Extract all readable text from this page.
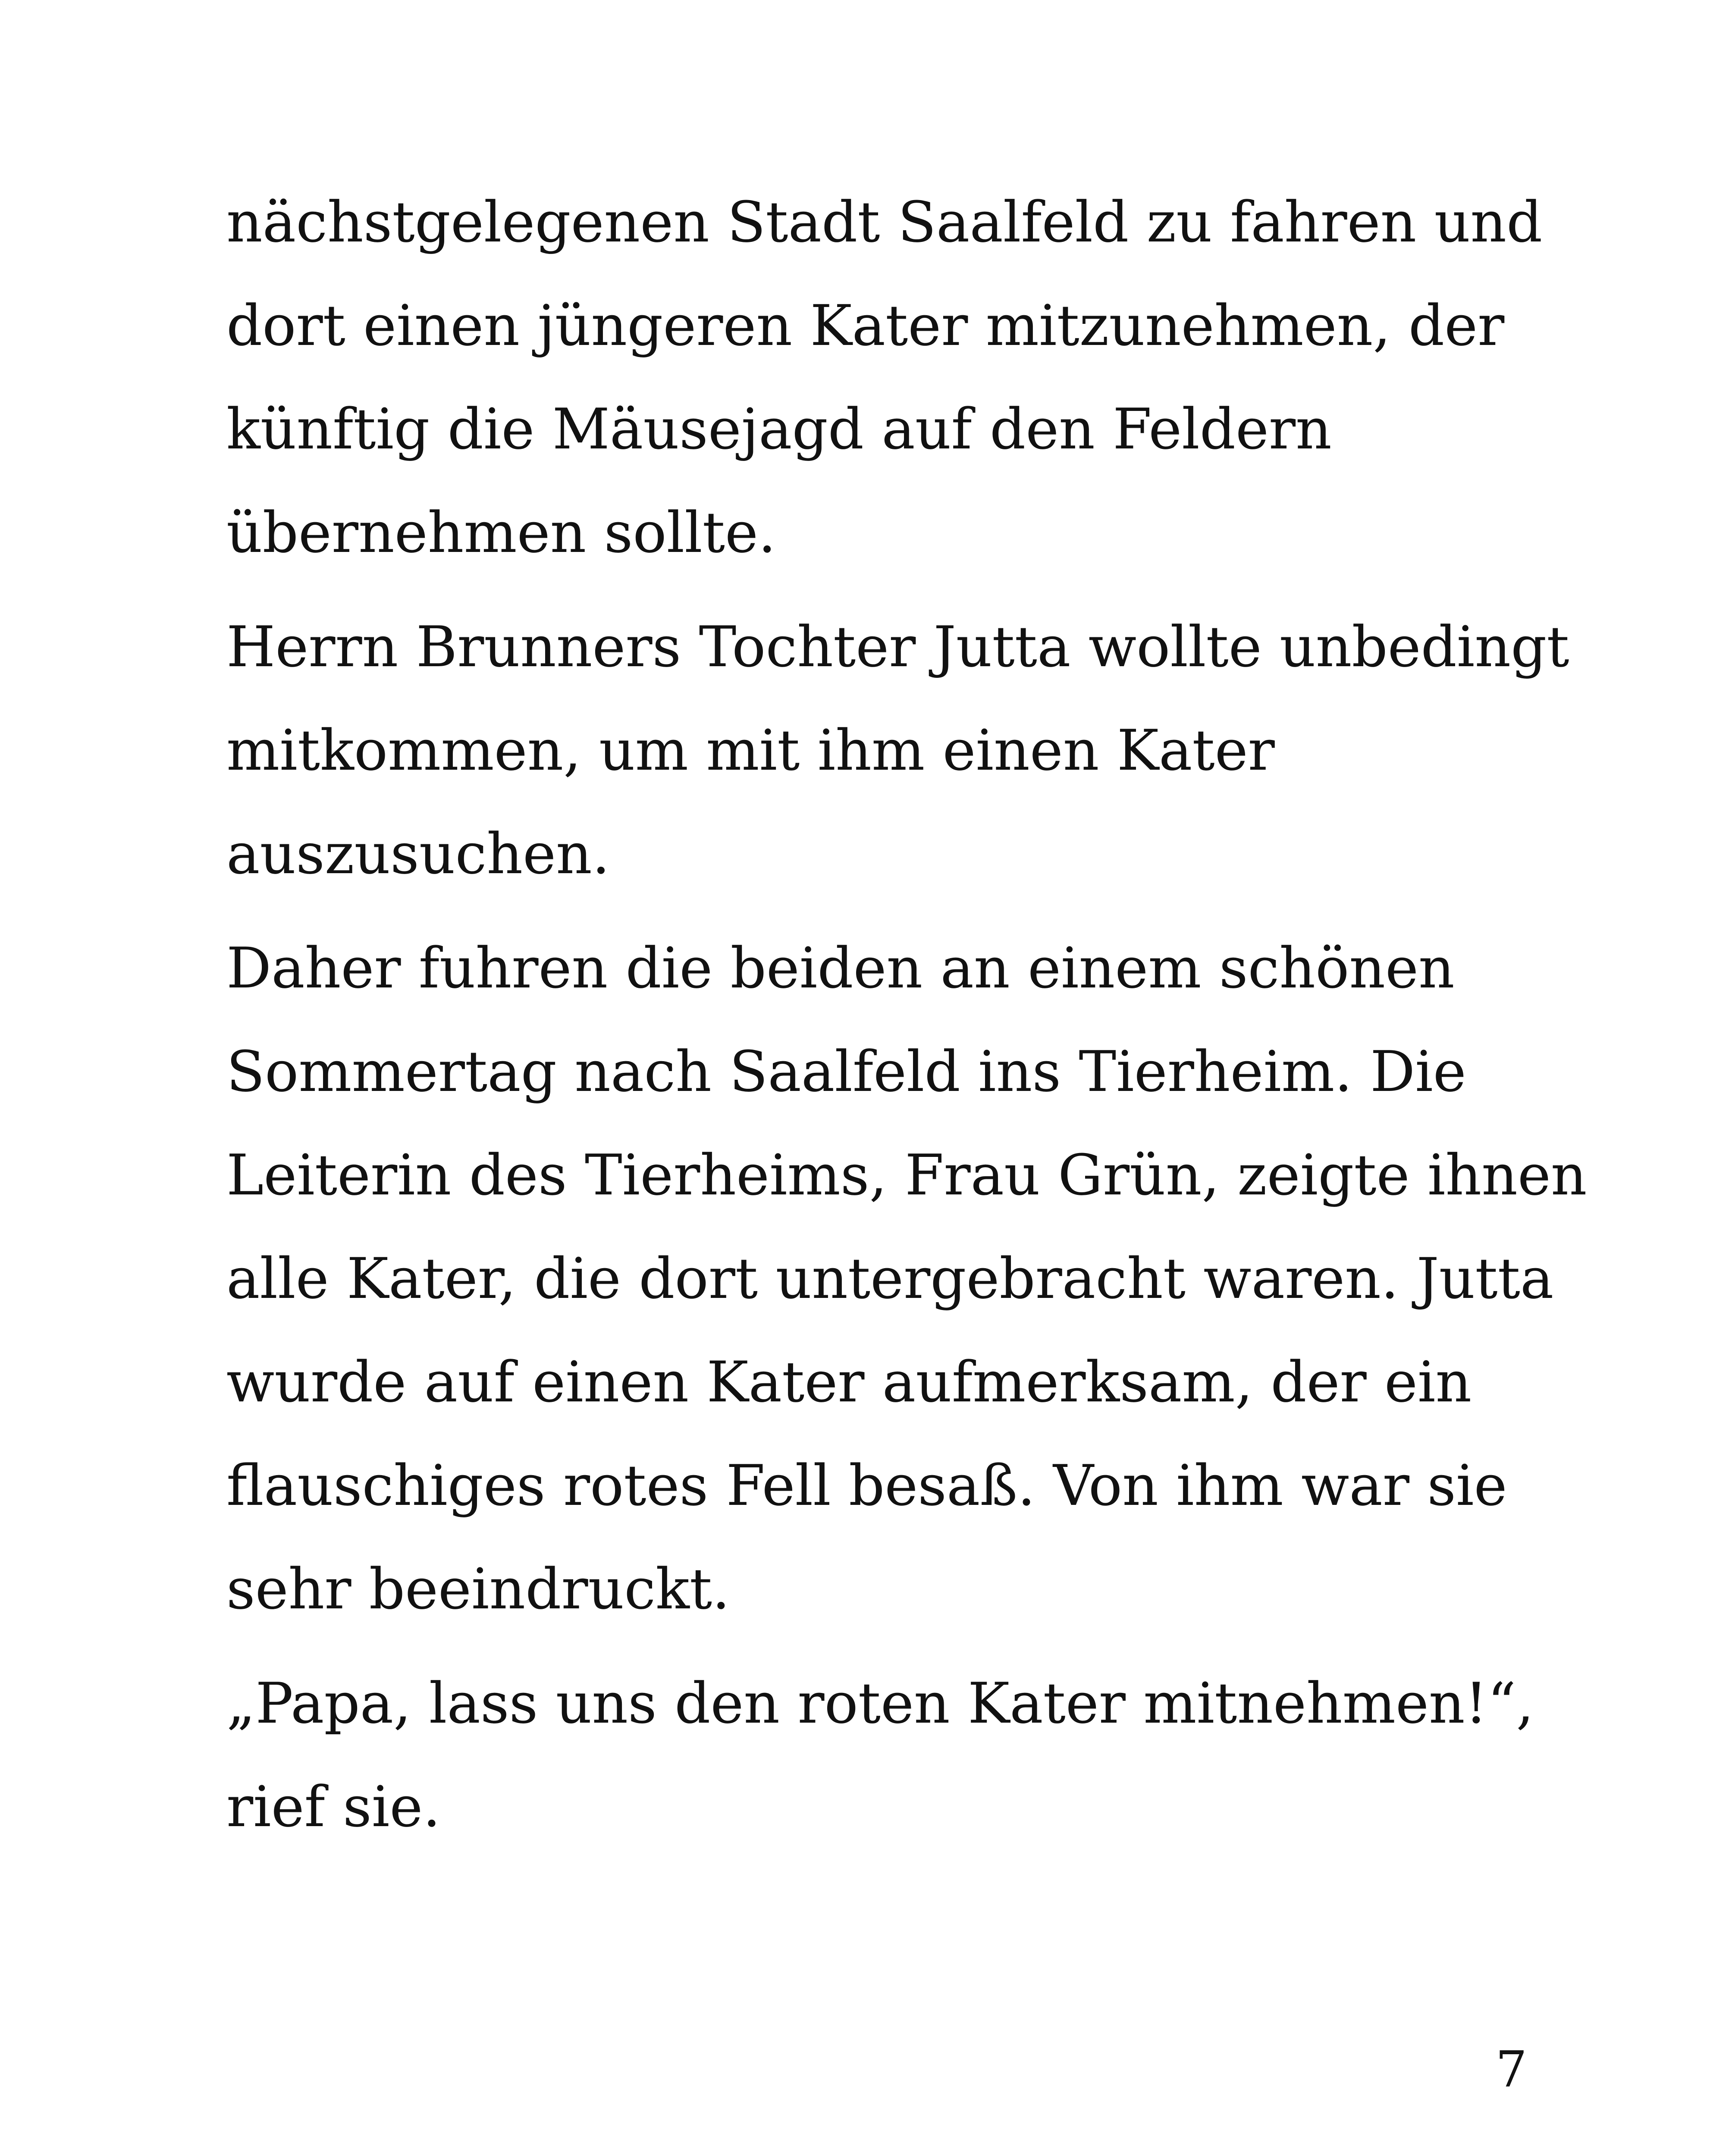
nächstgelegenen Stadt Saalfeld zu fahren und
dort einen jüngeren Kater mitzunehmen, der
künftig die Mäusejagd auf den Feldern
übernehmen sollte.

Herrn Brunners Tochter Jutta wollte unbedingt
mitkommen, um mit ihm einen Kater
auszusuchen.

Daher fuhren die beiden an einem schönen
Sommertag nach Saalfeld ins Tierheim. Die
Leiterin des Tierheims, Frau Grün, zeigte ihnen
alle Kater, die dort untergebracht waren. Jutta
wurde auf einen Kater aufmerksam, der ein
flauschiges rotes Fell besaß. Von ihm war sie
sehr beeindruckt.

„Papa, lass uns den roten Kater mitnehmen!“,
rief sie.

7
